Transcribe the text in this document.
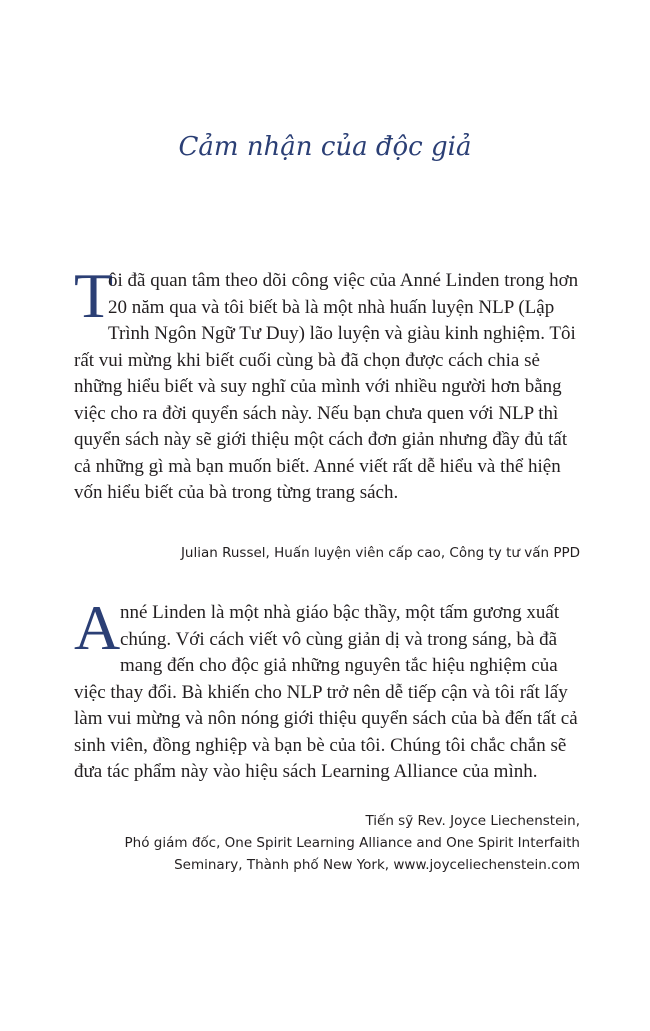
Cảm nhận của độc giả

T
ôi đã quan tâm theo dõi công việc của Anné Linden trong hơn 20 năm qua và tôi biết bà là một nhà huấn luyện NLP (Lập Trình Ngôn Ngữ Tư Duy) lão luyện và giàu kinh nghiệm. Tôi rất vui mừng khi biết cuối cùng bà đã chọn được cách chia sẻ những hiểu biết và suy nghĩ của mình với nhiều người hơn bằng việc cho ra đời quyển sách này. Nếu bạn chưa quen với NLP thì quyển sách này sẽ giới thiệu một cách đơn giản nhưng đầy đủ tất cả những gì mà bạn muốn biết. Anné viết rất dễ hiểu và thể hiện vốn hiểu biết của bà trong từng trang sách.

Julian Russel, Huấn luyện viên cấp cao, Công ty tư vấn PPD

Anné Linden là một nhà giáo bậc thầy, một tấm gương xuất chúng. Với cách viết vô cùng giản dị và trong sáng, bà đã mang đến cho độc giả những nguyên tắc hiệu nghiệm của việc thay đổi. Bà khiến cho NLP trở nên dễ tiếp cận và tôi rất lấy làm vui mừng và nôn nóng giới thiệu quyển sách của bà đến tất cả sinh viên, đồng nghiệp và bạn bè của tôi. Chúng tôi chắc chắn sẽ đưa tác phẩm này vào hiệu sách Learning Alliance của mình.

Tiến sỹ Rev. Joyce Liechenstein,
Phó giám đốc, One Spirit Learning Alliance and One Spirit Interfaith
Seminary, Thành phố New York, www.joyceliechenstein.com
